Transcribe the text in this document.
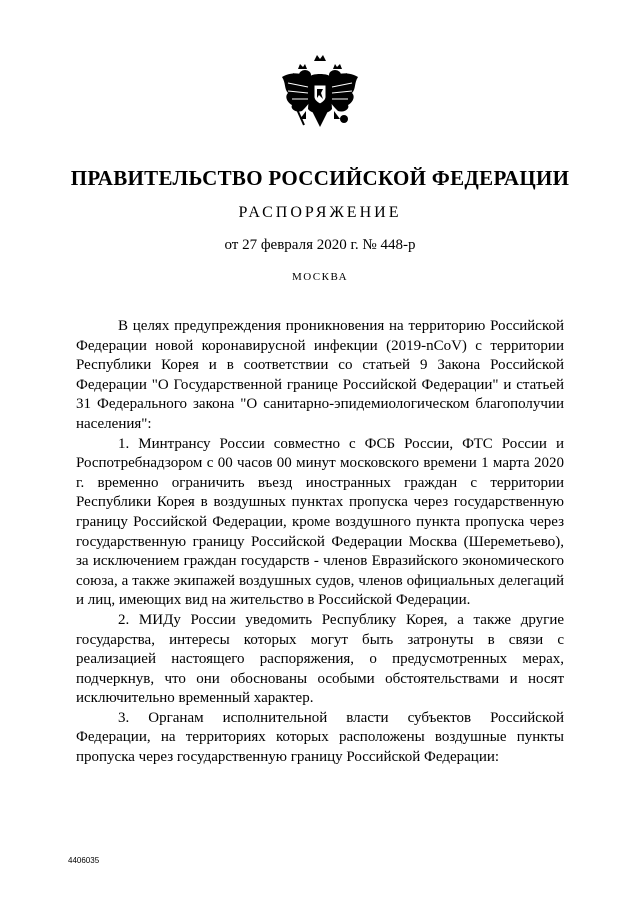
ПРАВИТЕЛЬСТВО РОССИЙСКОЙ ФЕДЕРАЦИИ
РАСПОРЯЖЕНИЕ
от 27 февраля 2020 г. № 448-р
МОСКВА

В целях предупреждения проникновения на территорию Российской Федерации новой коронавирусной инфекции (2019-nCoV) с территории Республики Корея и в соответствии со статьей 9 Закона Российской Федерации "О Государственной границе Российской Федерации" и статьей 31 Федерального закона "О санитарно-эпидемиологическом благополучии населения":

1. Минтрансу России совместно с ФСБ России, ФТС России и Роспотребнадзором с 00 часов 00 минут московского времени 1 марта 2020 г. временно ограничить въезд иностранных граждан с территории Республики Корея в воздушных пунктах пропуска через государственную границу Российской Федерации, кроме воздушного пункта пропуска через государственную границу Российской Федерации Москва (Шереметьево), за исключением граждан государств - членов Евразийского экономического союза, а также экипажей воздушных судов, членов официальных делегаций и лиц, имеющих вид на жительство в Российской Федерации.

2. МИДу России уведомить Республику Корея, а также другие государства, интересы которых могут быть затронуты в связи с реализацией настоящего распоряжения, о предусмотренных мерах, подчеркнув, что они обоснованы особыми обстоятельствами и носят исключительно временный характер.

3. Органам исполнительной власти субъектов Российской Федерации, на территориях которых расположены воздушные пункты пропуска через государственную границу Российской Федерации:

4406035
